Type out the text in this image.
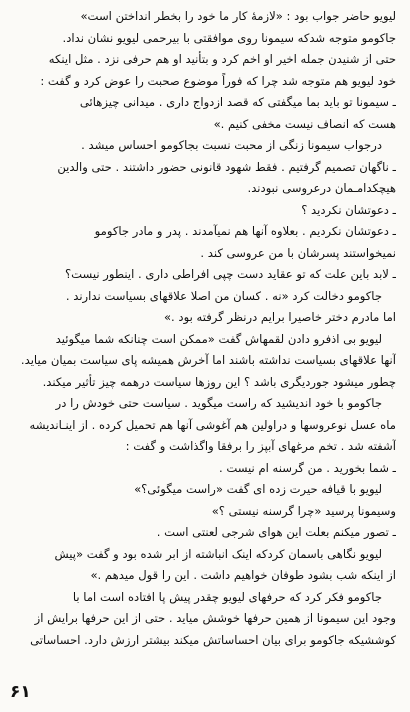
لیویو حاضر جواب بود : «لازمهٔ کار ما خود را بخطر انداختن است»
جاکومو متوجه شدکه سیمونا روی موافقتی با بیرحمی لیویو نشان نداد.
حتی از شنیدن جمله اخیر او اخم کرد و بتأنید او هم حرفی نزد . مثل اینکه
خود لیویو هم متوجه شد چرا که فوراً موضوع صحبت را عوض کرد و گفت :
ـ سیمونا تو باید بما میگفتی که قصد ازدواج داری . میدانی چیزهائی
هست که انصاف نیست مخفی کنیم .»
درجواب سیمونا زنگی از محبت نسبت بجاکومو احساس میشد .
ـ ناگهان تصمیم گرفتیم . فقط شهود قانونی حضور داشتند . حتی والدین
هیچکدامـمان درعروسی نبودند.
ـ دعوتشان نکردید ؟
ـ دعوتشان نکردیم . بعلاوه آنها هم نمیآمدند . پدر و مادر جاکومو
نمیخواستند پسرشان با من عروسی کند .
ـ لابد باین علت که تو عقاید دست چپی افراطی داری . اینطور نیست؟
جاکومو دخالت کرد «نه . کسان من اصلا علاقهای بسیاست ندارند .
اما مادرم دختر خاصیرا برایم درنظر گرفته بود .»
لیویو بی اذفرو دادن لقمهاش گفت «ممکن است چنانکه شما میگوئید
آنها علاقهای بسیاست نداشته باشند اما آخرش همیشه پای سیاست بمیان میاید.
چطور میشود جوردیگری باشد ؟ این روزها سیاست درهمه چیز تأثیر میکند.
جاکومو با خود اندیشید که راست میگوید . سیاست حتی خودش را در
ماه عسل نوعروسها و دراولین هم آغوشی آنها هم تحمیل کرده . از اینـاندیشه
آشفته شد . تخم مرغهای آبپز را برفقا واگذاشت و گفت :
ـ شما بخورید . من گرسنه ام نیست .
لیویو با قیافه حیرت زده ای گفت «راست میگوئی؟»
وسیمونا پرسید «چرا گرسنه نیستی ؟»
ـ تصور میکنم بعلت این هوای شرجی لعنتی است .
لیویو نگاهی باسمان کردکه اینک انباشته از ابر شده بود و گفت «پیش
از اینکه شب بشود طوفان خواهیم داشت . این را قول میدهم .»
جاکومو فکر کرد که حرفهای لیویو چقدر پیش پا افتاده است اما با
وجود این سیمونا از همین حرفها خوشش میاید . حتی از این حرفها برایش از
کوششیکه جاکومو برای بیان احساساتش میکند بیشتر ارزش دارد. احساساتی
۶۱
